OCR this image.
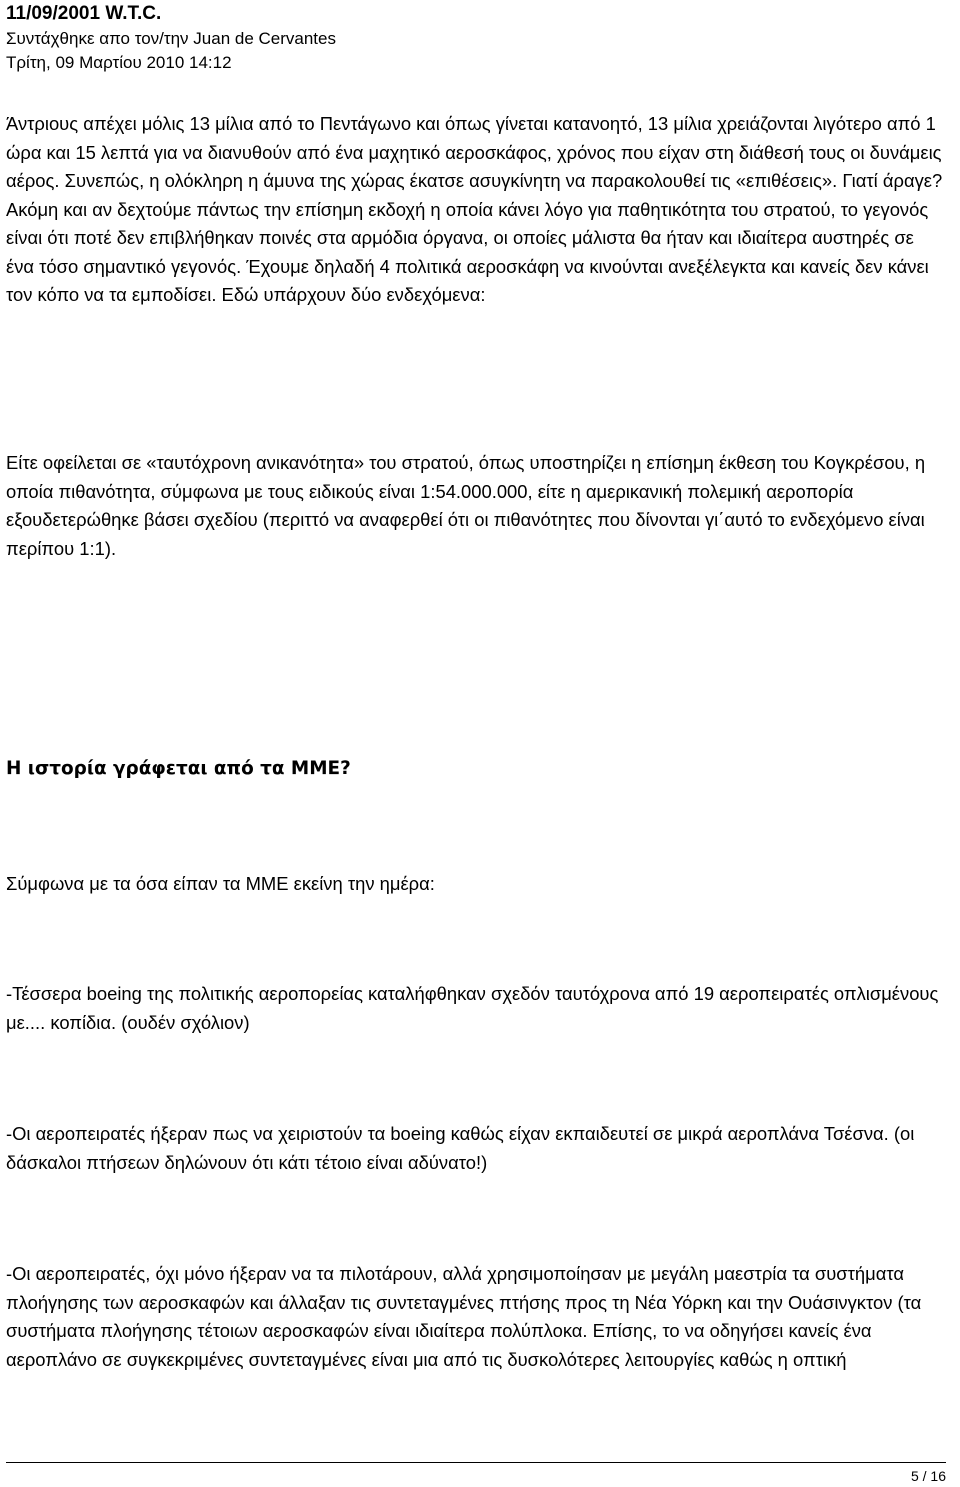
11/09/2001 W.T.C.
Συντάχθηκε απο τον/την Juan de Cervantes
Τρίτη, 09 Μαρτίου 2010 14:12

Άντριους απέχει μόλις 13 μίλια από το Πεντάγωνο και όπως γίνεται κατανοητό, 13 μίλια χρειάζονται λιγότερο από 1 ώρα και 15 λεπτά για να διανυθούν από ένα μαχητικό αεροσκάφος, χρόνος που είχαν στη διάθεσή τους οι δυνάμεις αέρος. Συνεπώς, η ολόκληρη η άμυνα της χώρας έκατσε ασυγκίνητη να παρακολουθεί τις «επιθέσεις». Γιατί άραγε? Ακόμη και αν δεχτούμε πάντως την επίσημη εκδοχή η οποία κάνει λόγο για παθητικότητα του στρατού, το γεγονός είναι ότι ποτέ δεν επιβλήθηκαν ποινές στα αρμόδια όργανα, οι οποίες μάλιστα θα ήταν και ιδιαίτερα αυστηρές σε ένα τόσο σημαντικό γεγονός. Έχουμε δηλαδή 4 πολιτικά αεροσκάφη να κινούνται ανεξέλεγκτα και κανείς δεν κάνει τον κόπο να τα εμποδίσει. Εδώ υπάρχουν δύο ενδεχόμενα:

Είτε οφείλεται σε «ταυτόχρονη ανικανότητα» του στρατού, όπως υποστηρίζει η επίσημη έκθεση του Κογκρέσου, η οποία πιθανότητα, σύμφωνα με τους ειδικούς είναι 1:54.000.000, είτε η αμερικανική πολεμική αεροπορία εξουδετερώθηκε βάσει σχεδίου (περιττό να αναφερθεί ότι οι πιθανότητες που δίνονται γι΄αυτό το ενδεχόμενο είναι περίπου 1:1).

Η ιστορία γράφεται από τα ΜΜΕ?

Σύμφωνα με τα όσα είπαν τα ΜΜΕ εκείνη την ημέρα:

-Τέσσερα boeing της πολιτικής αεροπορείας καταλήφθηκαν σχεδόν ταυτόχρονα από 19 αεροπειρατές οπλισμένους με.... κοπίδια. (ουδέν σχόλιον)

-Οι αεροπειρατές ήξεραν πως να χειριστούν τα boeing καθώς είχαν εκπαιδευτεί σε μικρά αεροπλάνα Τσέσνα. (οι δάσκαλοι πτήσεων δηλώνουν ότι κάτι τέτοιο είναι αδύνατο!)

-Οι αεροπειρατές, όχι μόνο ήξεραν να τα πιλοτάρουν, αλλά χρησιμοποίησαν με μεγάλη μαεστρία τα συστήματα πλοήγησης των αεροσκαφών και άλλαξαν τις συντεταγμένες πτήσης προς τη Νέα Υόρκη και την Ουάσινγκτον (τα συστήματα πλοήγησης τέτοιων αεροσκαφών είναι ιδιαίτερα πολύπλοκα. Επίσης, το να οδηγήσει κανείς ένα αεροπλάνο σε συγκεκριμένες συντεταγμένες είναι μια από τις δυσκολότερες λειτουργίες καθώς η οπτική

5 / 16
